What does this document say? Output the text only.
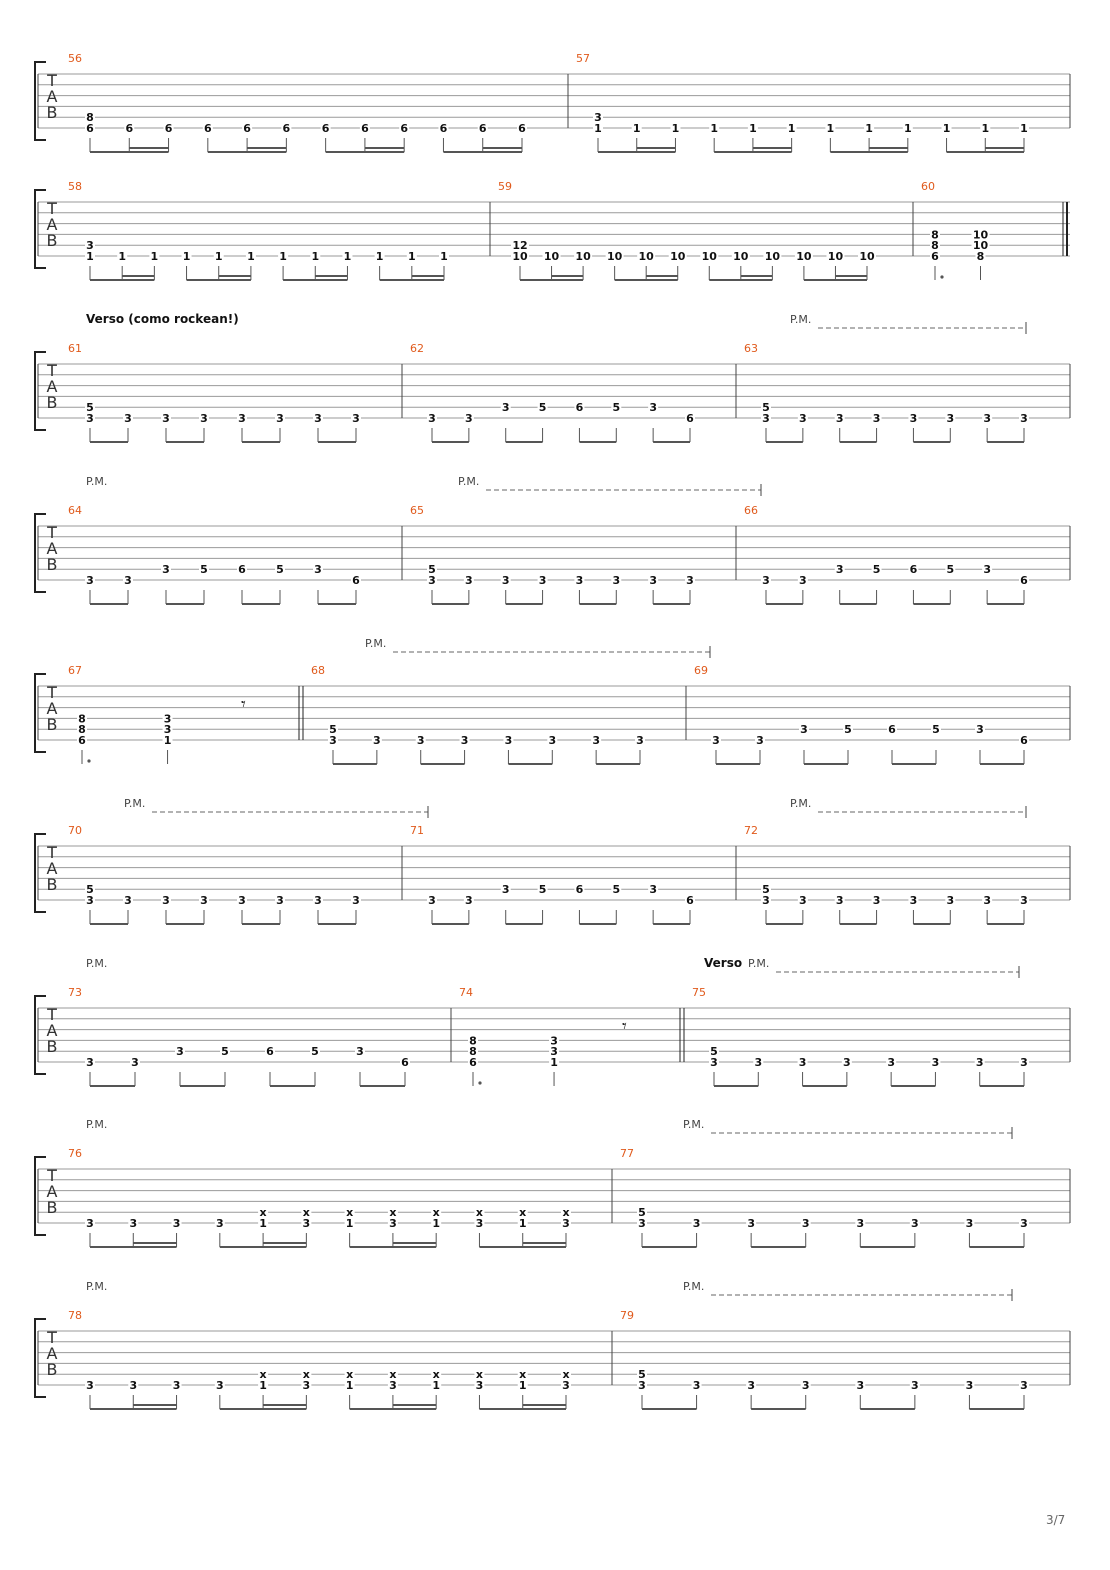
T
A
B
56
6
8
6	6	6	6	6	6	6	6	6	6	6
57
1
3
1	1	1	1	1	1	1	1	1	1	1
T
A
B
58
1
3
1 1 1 1 1 1 1 1 1 1 1
59
10
12
10 10 10 10 10 10 10 10 10 10 10
60
6
8
8
8
10
10
T
A
B
61
3
5
3	3	3	3	3	3	3
62
3	3
3	5	6	5	3
6
63
3
5
3	3	3	3	3	3	3
Verso (como rockean!)	P.M.
T
A
B
64
3	3
3	5	6	5	3
6
65
3
5
3	3	3	3	3	3	3
66
3	3
3	5	6	5	3
6
P.M.	P.M.
T
A
B
67
6
8
8
1
3
3
𝄾
68
3
5
3	3	3	3	3	3	3
69
3	3
3	5	6	5	3
6
P.M.
T
A
B
70
3
5
3	3	3	3	3	3	3
71
3	3
3	5	6	5	3
6
72
3
5
3	3	3	3	3	3	3
P.M.	P.M.
T
A
B
73
3	3
3	5	6	5	3
6
74
6
8
8
1
3
3
𝄾
75
3
5
3	3	3	3	3	3	3
P.M.	Verso P.M.
T
A
B
76
3	3	3	3	1
x
3
x
1
x
3
x
1
x
3
x
1
x
3
x
77
3
5
3	3	3	3	3	3	3
P.M.	P.M.
T
A
B
78
3	3	3	3	1
x
3
x
1
x
3
x
1
x
3
x
1
x
3
x
79
3
5
3	3	3	3	3	3	3
P.M.	P.M.
3/7
